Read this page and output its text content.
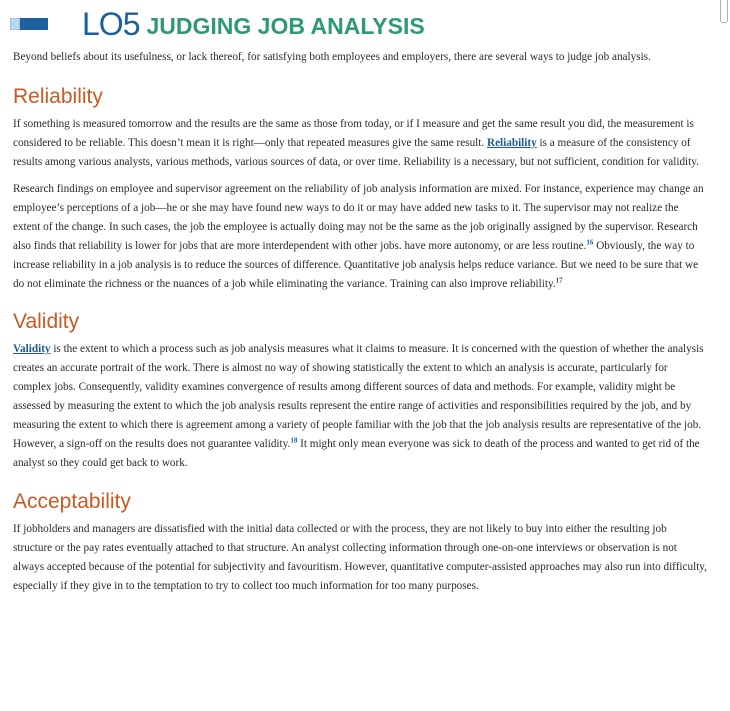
LO5 JUDGING JOB ANALYSIS

Beyond beliefs about its usefulness, or lack thereof, for satisfying both employees and employers, there are several ways to judge job analysis.

Reliability

If something is measured tomorrow and the results are the same as those from today, or if I measure and get the same result you did, the measurement is considered to be reliable. This doesn’t mean it is right—only that repeated measures give the same result. Reliability is a measure of the consistency of results among various analysts, various methods, various sources of data, or over time. Reliability is a necessary, but not sufficient, condition for validity.

Research findings on employee and supervisor agreement on the reliability of job analysis information are mixed. For instance, experience may change an employee’s perceptions of a job—he or she may have found new ways to do it or may have added new tasks to it. The supervisor may not realize the extent of the change. In such cases, the job the employee is actually doing may not be the same as the job originally assigned by the supervisor. Research also finds that reliability is lower for jobs that are more interdependent with other jobs. have more autonomy, or are less routine.$^{16}$ Obviously, the way to increase reliability in a job analysis is to reduce the sources of difference. Quantitative job analysis helps reduce variance. But we need to be sure that we do not eliminate the richness or the nuances of a job while eliminating the variance. Training can also improve reliability.$^{17}$

Validity

Validity is the extent to which a process such as job analysis measures what it claims to measure. It is concerned with the question of whether the analysis creates an accurate portrait of the work. There is almost no way of showing statistically the extent to which an analysis is accurate, particularly for complex jobs. Consequently, validity examines convergence of results among different sources of data and methods. For example, validity might be assessed by measuring the extent to which the job analysis results represent the entire range of activities and responsibilities required by the job, and by measuring the extent to which there is agreement among a variety of people familiar with the job that the job analysis results are representative of the job. However, a sign-off on the results does not guarantee validity.$^{18}$ It might only mean everyone was sick to death of the process and wanted to get rid of the analyst so they could get back to work.

Acceptability

If jobholders and managers are dissatisfied with the initial data collected or with the process, they are not likely to buy into either the resulting job structure or the pay rates eventually attached to that structure. An analyst collecting information through one-on-one interviews or observation is not always accepted because of the potential for subjectivity and favouritism. However, quantitative computer-assisted approaches may also run into difficulty, especially if they give in to the temptation to try to collect too much information for too many purposes.
